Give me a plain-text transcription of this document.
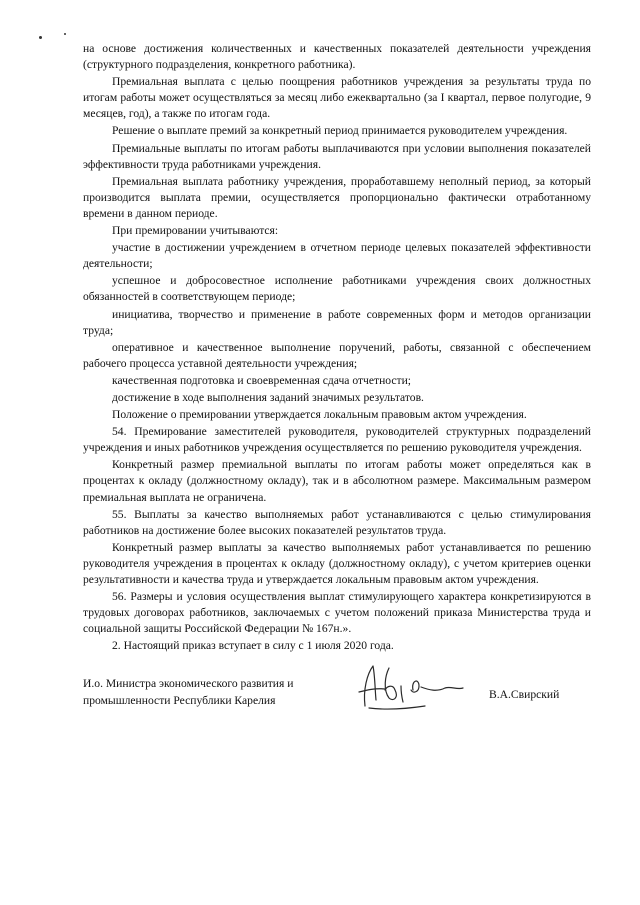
на основе достижения количественных и качественных показателей деятельности учреждения (структурного подразделения, конкретного работника).

Премиальная выплата с целью поощрения работников учреждения за результаты труда по итогам работы может осуществляться за месяц либо ежеквартально (за I квартал, первое полугодие, 9 месяцев, год), а также по итогам года.

Решение о выплате премий за конкретный период принимается руководителем учреждения.

Премиальные выплаты по итогам работы выплачиваются при условии выполнения показателей эффективности труда работниками учреждения.

Премиальная выплата работнику учреждения, проработавшему неполный период, за который производится выплата премии, осуществляется пропорционально фактически отработанному времени в данном периоде.

При премировании учитываются:

участие в достижении учреждением в отчетном периоде целевых показателей эффективности деятельности;

успешное и добросовестное исполнение работниками учреждения своих должностных обязанностей в соответствующем периоде;

инициатива, творчество и применение в работе современных форм и методов организации труда;

оперативное и качественное выполнение поручений, работы, связанной с обеспечением рабочего процесса уставной деятельности учреждения;

качественная подготовка и своевременная сдача отчетности;

достижение в ходе выполнения заданий значимых результатов.

Положение о премировании утверждается локальным правовым актом учреждения.

54. Премирование заместителей руководителя, руководителей структурных подразделений учреждения и иных работников учреждения осуществляется по решению руководителя учреждения.

Конкретный размер премиальной выплаты по итогам работы может определяться как в процентах к окладу (должностному окладу), так и в абсолютном размере. Максимальным размером премиальная выплата не ограничена.

55. Выплаты за качество выполняемых работ устанавливаются с целью стимулирования работников на достижение более высоких показателей результатов труда.

Конкретный размер выплаты за качество выполняемых работ устанавливается по решению руководителя учреждения в процентах к окладу (должностному окладу), с учетом критериев оценки результативности и качества труда и утверждается локальным правовым актом учреждения.

56. Размеры и условия осуществления выплат стимулирующего характера конкретизируются в трудовых договорах работников, заключаемых с учетом положений приказа Министерства труда и социальной защиты Российской Федерации № 167н.».

2. Настоящий приказ вступает в силу с 1 июля 2020 года.

И.о. Министра экономического развития и
промышленности Республики Карелия	В.А.Свирский
